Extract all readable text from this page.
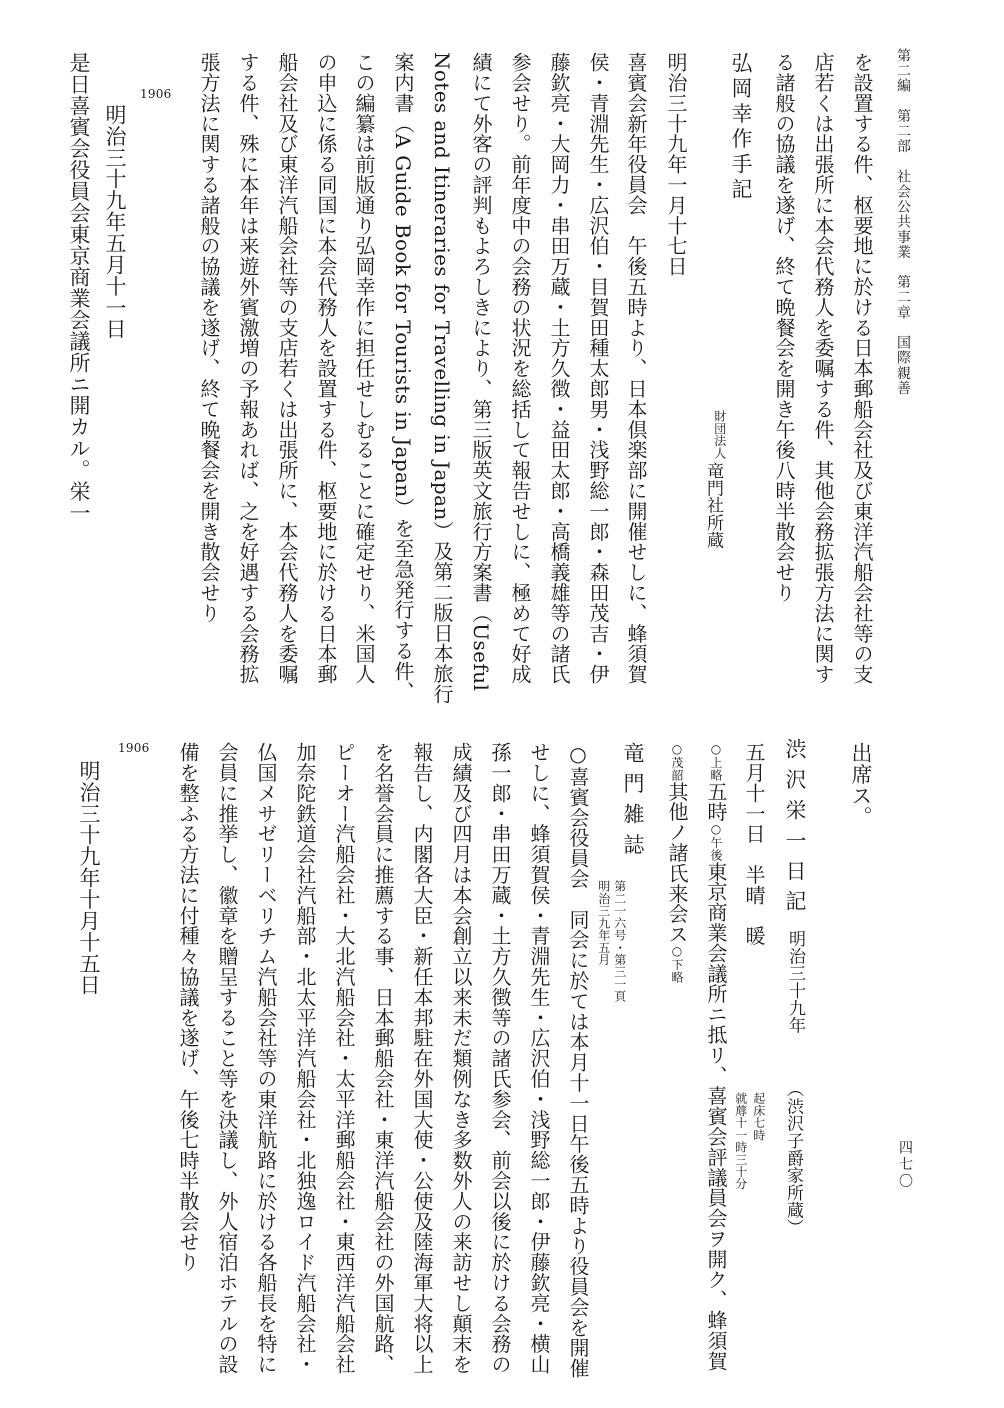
第二編　第二部　社会公共事業　第二章　国際親善
四七〇
を設置する件、枢要地に於ける日本郵船会社及び東洋汽船会社等の支
店若くは出張所に本会代務人を委嘱する件、其他会務拡張方法に関す
る諸般の協議を遂げ、終て晩餐会を開き午後八時半散会せり
弘岡幸作手記
財団法人
竜門社所蔵
明治三十九年一月十七日
喜賓会新年役員会　午後五時より、日本倶楽部に開催せしに、蜂須賀
侯・青淵先生・広沢伯・目賀田種太郎男・浅野総一郎・森田茂吉・伊
藤欽亮・大岡力・串田万蔵・土方久徴・益田太郎・高橋義雄等の諸氏
参会せり。前年度中の会務の状況を総括して報告せしに、極めて好成
績にて外客の評判もよろしきにより、第三版英文旅行方案書（Useful
Notes and Itineraries for Travelling in Japan）及第二版日本旅行
案内書（A Guide Book for Tourists in Japan）を至急発行する件、
この編纂は前版通り弘岡幸作に担任せしむることに確定せり、米国人
の申込に係る同国に本会代務人を設置する件、枢要地に於ける日本郵
船会社及び東洋汽船会社等の支店若くは出張所に、本会代務人を委嘱
する件、殊に本年は来遊外賓激増の予報あれば、之を好遇する会務拡
張方法に関する諸般の協議を遂げ、終て晩餐会を開き散会せり
1906
明治三十九年五月十一日
是日喜賓会役員会東京商業会議所ニ開カル。栄一
出席ス。
渋沢栄一日記
明治三十九年
（渋沢子爵家所蔵）
五月十一日　半晴　暖
起床七時
就蓐十一時三十分
○上略五時○午後東京商業会議所ニ抵リ、喜賓会評議員会ヲ開ク、蜂須賀
○茂韶其他ノ諸氏来会ス○下略
竜門雑誌
第二一六号・第三一頁
明治三九年五月
○喜賓会役員会　同会に於ては本月十一日午後五時より役員会を開催
せしに、蜂須賀侯・青淵先生・広沢伯・浅野総一郎・伊藤欽亮・横山
孫一郎・串田万蔵・土方久徴等の諸氏参会、前会以後に於ける会務の
成績及び四月は本会創立以来未だ類例なき多数外人の来訪せし顛末を
報告し、内閣各大臣・新任本邦駐在外国大使・公使及陸海軍大将以上
を名誉会員に推薦する事、日本郵船会社・東洋汽船会社の外国航路、
ピーオー汽船会社・大北汽船会社・太平洋郵船会社・東西洋汽船会社
加奈陀鉄道会社汽船部・北太平洋汽船会社・北独逸ロイド汽船会社・
仏国メサゼリーベリチム汽船会社等の東洋航路に於ける各船長を特に
会員に推挙し、徽章を贈呈すること等を決議し、外人宿泊ホテルの設
備を整ふる方法に付種々協議を遂げ、午後七時半散会せり
1906
明治三十九年十月十五日
